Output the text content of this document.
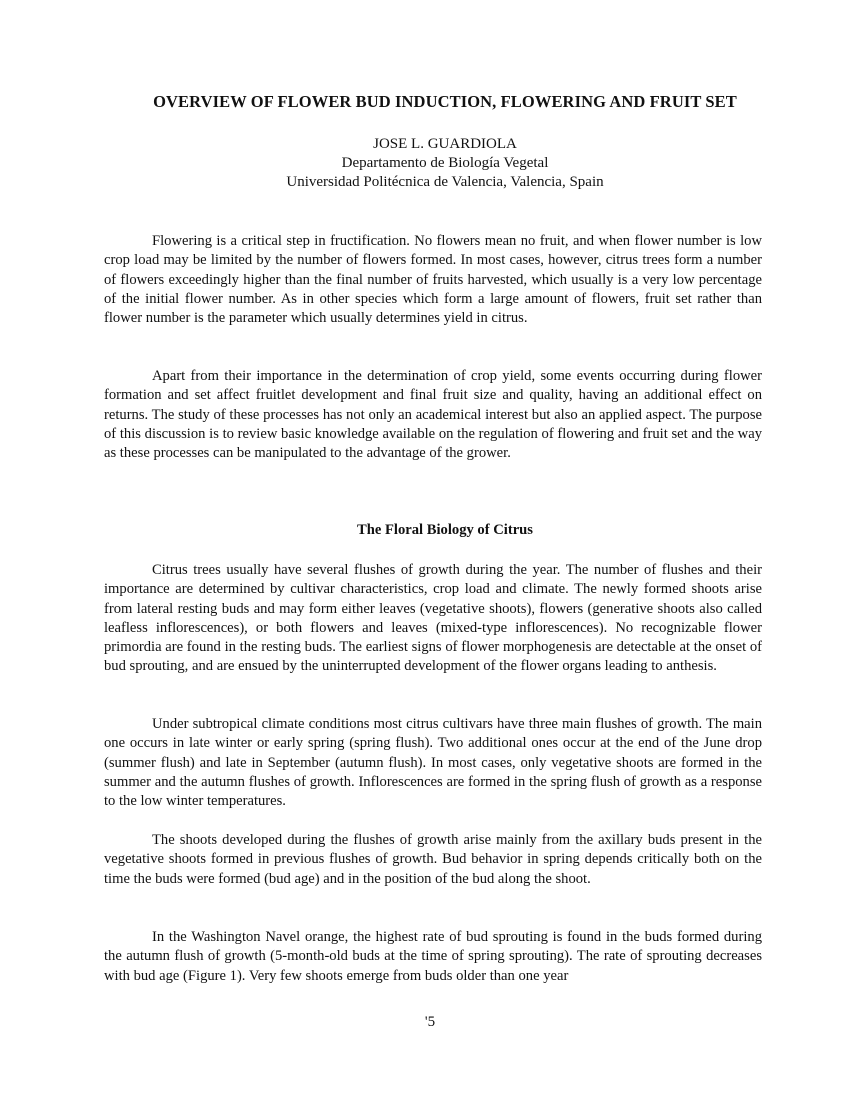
OVERVIEW OF FLOWER BUD INDUCTION, FLOWERING AND FRUIT SET
JOSE L. GUARDIOLA
Departamento de Biología Vegetal
Universidad Politécnica de Valencia, Valencia, Spain

Flowering is a critical step in fructification. No flowers mean no fruit, and when flower number is low crop load may be limited by the number of flowers formed. In most cases, however, citrus trees form a number of flowers exceedingly higher than the final number of fruits harvested, which usually is a very low percentage of the initial flower number. As in other species which form a large amount of flowers, fruit set rather than flower number is the parameter which usually determines yield in citrus.

Apart from their importance in the determination of crop yield, some events occurring during flower formation and set affect fruitlet development and final fruit size and quality, having an additional effect on returns. The study of these processes has not only an academical interest but also an applied aspect. The purpose of this discussion is to review basic knowledge available on the regulation of flowering and fruit set and the way as these processes can be manipulated to the advantage of the grower.

The Floral Biology of Citrus

Citrus trees usually have several flushes of growth during the year. The number of flushes and their importance are determined by cultivar characteristics, crop load and climate. The newly formed shoots arise from lateral resting buds and may form either leaves (vegetative shoots), flowers (generative shoots also called leafless inflorescences), or both flowers and leaves (mixed-type inflorescences). No recognizable flower primordia are found in the resting buds. The earliest signs of flower morphogenesis are detectable at the onset of bud sprouting, and are ensued by the uninterrupted development of the flower organs leading to anthesis.

Under subtropical climate conditions most citrus cultivars have three main flushes of growth. The main one occurs in late winter or early spring (spring flush). Two additional ones occur at the end of the June drop (summer flush) and late in September (autumn flush). In most cases, only vegetative shoots are formed in the summer and the autumn flushes of growth. Inflorescences are formed in the spring flush of growth as a response to the low winter temperatures.

The shoots developed during the flushes of growth arise mainly from the axillary buds present in the vegetative shoots formed in previous flushes of growth. Bud behavior in spring depends critically both on the time the buds were formed (bud age) and in the position of the bud along the shoot.

In the Washington Navel orange, the highest rate of bud sprouting is found in the buds formed during the autumn flush of growth (5-month-old buds at the time of spring sprouting). The rate of sprouting decreases with bud age (Figure 1). Very few shoots emerge from buds older than one year

'5
